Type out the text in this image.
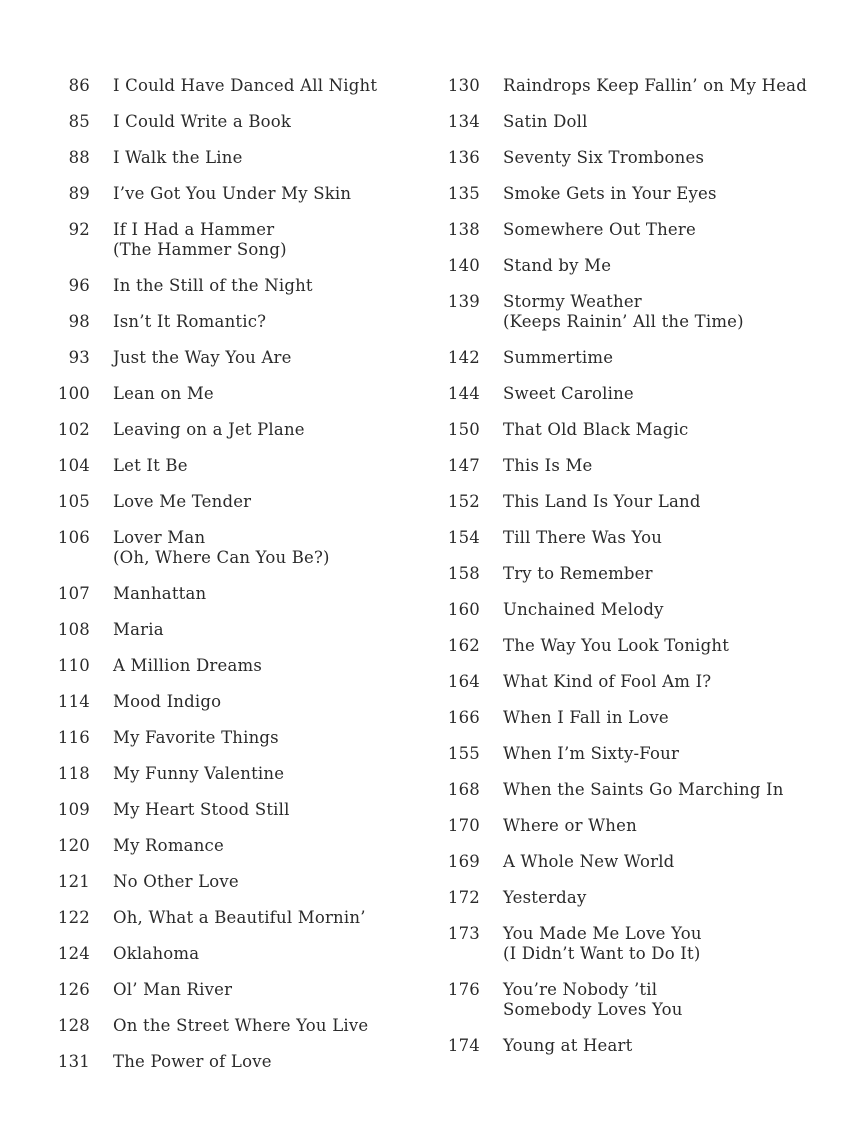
86 I Could Have Danced All Night
85 I Could Write a Book
88 I Walk the Line
89 I’ve Got You Under My Skin
92 If I Had a Hammer
(The Hammer Song)
96 In the Still of the Night
98 Isn’t It Romantic?
93 Just the Way You Are
100 Lean on Me
102 Leaving on a Jet Plane
104 Let It Be
105 Love Me Tender
106 Lover Man
(Oh, Where Can You Be?)
107 Manhattan
108 Maria
110 A Million Dreams
114 Mood Indigo
116 My Favorite Things
118 My Funny Valentine
109 My Heart Stood Still
120 My Romance
121 No Other Love
122 Oh, What a Beautiful Mornin’
124 Oklahoma
126 Ol’ Man River
128 On the Street Where You Live
131 The Power of Love
130 Raindrops Keep Fallin’ on My Head
134 Satin Doll
136 Seventy Six Trombones
135 Smoke Gets in Your Eyes
138 Somewhere Out There
140 Stand by Me
139 Stormy Weather
(Keeps Rainin’ All the Time)
142 Summertime
144 Sweet Caroline
150 That Old Black Magic
147 This Is Me
152 This Land Is Your Land
154 Till There Was You
158 Try to Remember
160 Unchained Melody
162 The Way You Look Tonight
164 What Kind of Fool Am I?
166 When I Fall in Love
155 When I’m Sixty-Four
168 When the Saints Go Marching In
170 Where or When
169 A Whole New World
172 Yesterday
173 You Made Me Love You
(I Didn’t Want to Do It)
176 You’re Nobody ’til
Somebody Loves You
174 Young at Heart
